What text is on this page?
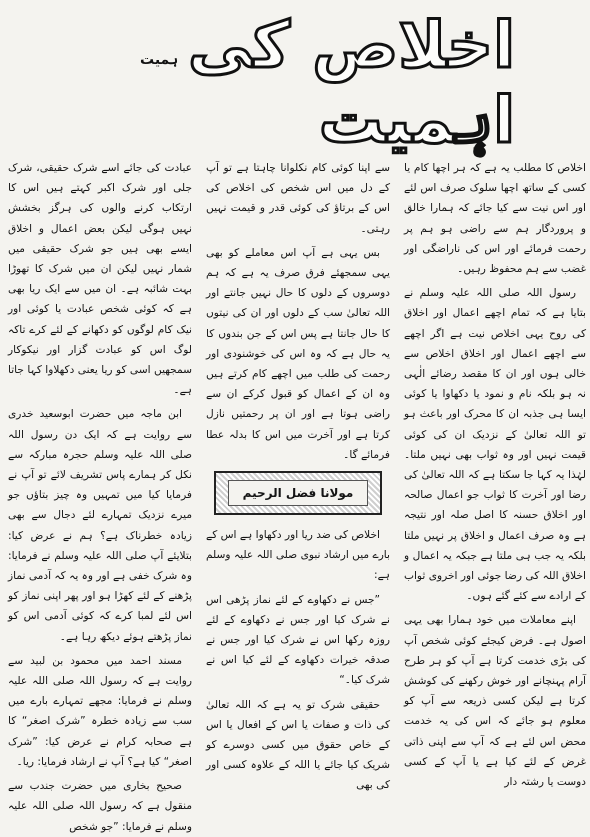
اخلاص کی اہمیت
ہمیت

اخلاص کا مطلب یہ ہے کہ ہر اچھا کام یا کسی کے ساتھ اچھا سلوک صرف اس لئے اور اس نیت سے کیا جائے کہ ہمارا خالق و پروردگار ہم سے راضی ہو ہم پر رحمت فرمائے اور اس کی ناراضگی اور غضب سے ہم محفوظ رہیں۔

رسول اللہ صلی اللہ علیہ وسلم نے بتایا ہے کہ تمام اچھے اعمال اور اخلاق کی روح یہی اخلاص نیت ہے اگر اچھے سے اچھے اعمال اور اخلاق اخلاص سے خالی ہوں اور ان کا مقصد رضائے الٰہی نہ ہو بلکہ نام و نمود یا دکھاوا یا کوئی ایسا ہی جذبہ ان کا محرک اور باعث ہو تو اللہ تعالیٰ کے نزدیک ان کی کوئی قیمت نہیں اور وہ ثواب بھی نہیں ملتا۔ لہٰذا یہ کہا جا سکتا ہے کہ اللہ تعالیٰ کی رضا اور آخرت کا ثواب جو اعمال صالحہ اور اخلاق حسنہ کا اصل صلہ اور نتیجہ ہے وہ صرف اعمال و اخلاق پر نہیں ملتا بلکہ یہ جب ہی ملتا ہے جبکہ یہ اعمال و اخلاق اللہ کی رضا جوئی اور اخروی ثواب کے ارادے سے کئے گئے ہوں۔

اپنے معاملات میں خود ہمارا بھی یہی اصول ہے۔ فرض کیجئے کوئی شخص آپ کی بڑی خدمت کرتا ہے آپ کو ہر طرح آرام پہنچانے اور خوش رکھنے کی کوشش کرتا ہے لیکن کسی ذریعہ سے آپ کو معلوم ہو جائے کہ اس کی یہ خدمت محض اس لئے ہے کہ آپ سے اپنی ذاتی غرض کے لئے کیا ہے یا آپ کے کسی دوست یا رشتہ دار

سے اپنا کوئی کام نکلوانا چاہتا ہے تو آپ کے دل میں اس شخص کی اخلاص کی اس کے برتاؤ کی کوئی قدر و قیمت نہیں رہتی۔

بس یہی ہے آپ اس معاملے کو بھی یہی سمجھئے فرق صرف یہ ہے کہ ہم دوسروں کے دلوں کا حال نہیں جانتے اور اللہ تعالیٰ سب کے دلوں اور ان کی نیتوں کا حال جانتا ہے پس اس کے جن بندوں کا یہ حال ہے کہ وہ اس کی خوشنودی اور رحمت کی طلب میں اچھے کام کرتے ہیں وہ ان کے اعمال کو قبول کرکے ان سے راضی ہوتا ہے اور ان پر رحمتیں نازل کرتا ہے اور آخرت میں اس کا بدلہ عطا فرمائے گا۔

مولانا فضل الرحیم

اخلاص کی ضد ریا اور دکھاوا ہے اس کے بارے میں ارشاد نبوی صلی اللہ علیہ وسلم ہے:

”جس نے دکھاوے کے لئے نماز پڑھی اس نے شرک کیا اور جس نے دکھاوے کے لئے روزہ رکھا اس نے شرک کیا اور جس نے صدقہ خیرات دکھاوے کے لئے کیا اس نے شرک کیا۔“

حقیقی شرک تو یہ ہے کہ اللہ تعالیٰ کی ذات و صفات یا اس کے افعال یا اس کے خاص حقوق میں کسی دوسرے کو شریک کیا جائے یا اللہ کے علاوہ کسی اور کی بھی

عبادت کی جائے اسے شرک حقیقی، شرک جلی اور شرک اکبر کہتے ہیں اس کا ارتکاب کرنے والوں کی ہرگز بخشش نہیں ہوگی لیکن بعض اعمال و اخلاق ایسے بھی ہیں جو شرک حقیقی میں شمار نہیں لیکن ان میں شرک کا تھوڑا بہت شائبہ ہے۔ ان میں سے ایک ریا بھی ہے کہ کوئی شخص عبادت یا کوئی اور نیک کام لوگوں کو دکھانے کے لئے کرے تاکہ لوگ اس کو عبادت گزار اور نیکوکار سمجھیں اسی کو ریا یعنی دکھلاوا کہا جاتا ہے۔

ابن ماجہ میں حضرت ابوسعید خدری سے روایت ہے کہ ایک دن رسول اللہ صلی اللہ علیہ وسلم حجرہ مبارکہ سے نکل کر ہمارے پاس تشریف لائے تو آپ نے فرمایا کیا میں تمہیں وہ چیز بتاؤں جو میرے نزدیک تمہارے لئے دجال سے بھی زیادہ خطرناک ہے؟ ہم نے عرض کیا: بتلایئے آپ صلی اللہ علیہ وسلم نے فرمایا: وہ شرک خفی ہے اور وہ یہ کہ آدمی نماز پڑھنے کے لئے کھڑا ہو اور پھر اپنی نماز کو اس لئے لمبا کرے کہ کوئی آدمی اس کو نماز پڑھتے ہوئے دیکھ رہا ہے۔

مسند احمد میں محمود بن لبید سے روایت ہے کہ رسول اللہ صلی اللہ علیہ وسلم نے فرمایا: مجھے تمہارے بارے میں سب سے زیادہ خطرہ ”شرک اصغر“ کا ہے صحابہ کرام نے عرض کیا: ”شرک اصغر“ کیا ہے؟ آپ نے ارشاد فرمایا: ریا۔

صحیح بخاری میں حضرت جندب سے منقول ہے کہ رسول اللہ صلی اللہ علیہ وسلم نے فرمایا: ”جو شخص
